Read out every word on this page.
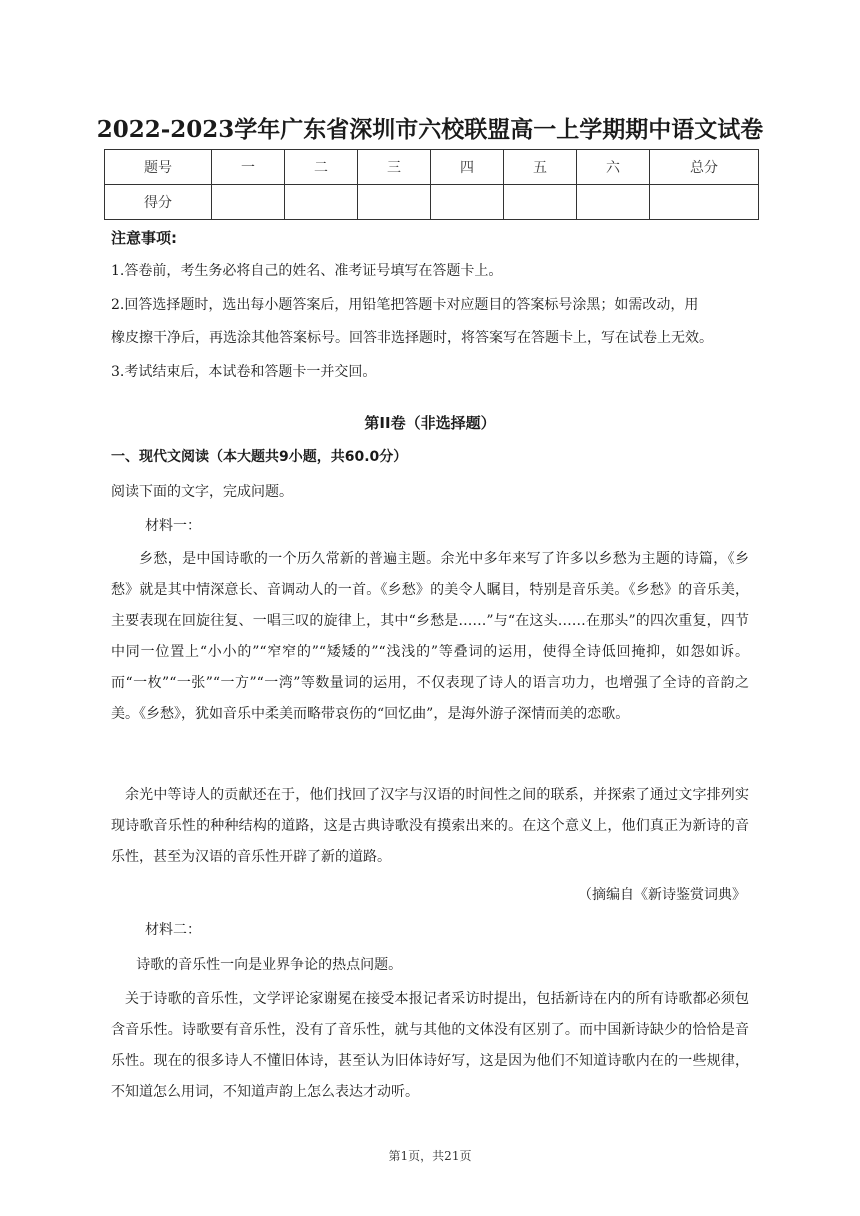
2022-2023学年广东省深圳市六校联盟高一上学期期中语文试卷
题号	一	二	三	四	五	六	总分
得分							
注意事项:
1.答卷前，考生务必将自己的姓名、准考证号填写在答题卡上。
2.回答选择题时，选出每小题答案后，用铅笔把答题卡对应题目的答案标号涂黑；如需改动，用
橡皮擦干净后，再选涂其他答案标号。回答非选择题时，将答案写在答题卡上，写在试卷上无效。
3.考试结束后，本试卷和答题卡一并交回。
第II卷（非选择题）
一、现代文阅读（本大题共9小题，共60.0分）
阅读下面的文字，完成问题。
材料一：
乡愁，是中国诗歌的一个历久常新的普遍主题。余光中多年来写了许多以乡愁为主题的诗篇，《乡愁》就是其中情深意长、音调动人的一首。《乡愁》的美令人瞩目，特别是音乐美。《乡愁》的音乐美，主要表现在回旋往复、一唱三叹的旋律上，其中“乡愁是……”与“在这头……在那头”的四次重复，四节中同一位置上“小小的”“窄窄的”“矮矮的”“浅浅的”等叠词的运用，使得全诗低回掩抑，如怨如诉。而“一枚”“一张”“一方”“一湾”等数量词的运用，不仅表现了诗人的语言功力，也增强了全诗的音韵之美。《乡愁》，犹如音乐中柔美而略带哀伤的“回忆曲”，是海外游子深情而美的恋歌。
余光中等诗人的贡献还在于，他们找回了汉字与汉语的时间性之间的联系，并探索了通过文字排列实现诗歌音乐性的种种结构的道路，这是古典诗歌没有摸索出来的。在这个意义上，他们真正为新诗的音乐性，甚至为汉语的音乐性开辟了新的道路。
（摘编自《新诗鉴赏词典》
材料二：
诗歌的音乐性一向是业界争论的热点问题。
关于诗歌的音乐性，文学评论家谢冕在接受本报记者采访时提出，包括新诗在内的所有诗歌都必须包含音乐性。诗歌要有音乐性，没有了音乐性，就与其他的文体没有区别了。而中国新诗缺少的恰恰是音乐性。现在的很多诗人不懂旧体诗，甚至认为旧体诗好写，这是因为他们不知道诗歌内在的一些规律，不知道怎么用词，不知道声韵上怎么表达才动听。
第1页，共21页
